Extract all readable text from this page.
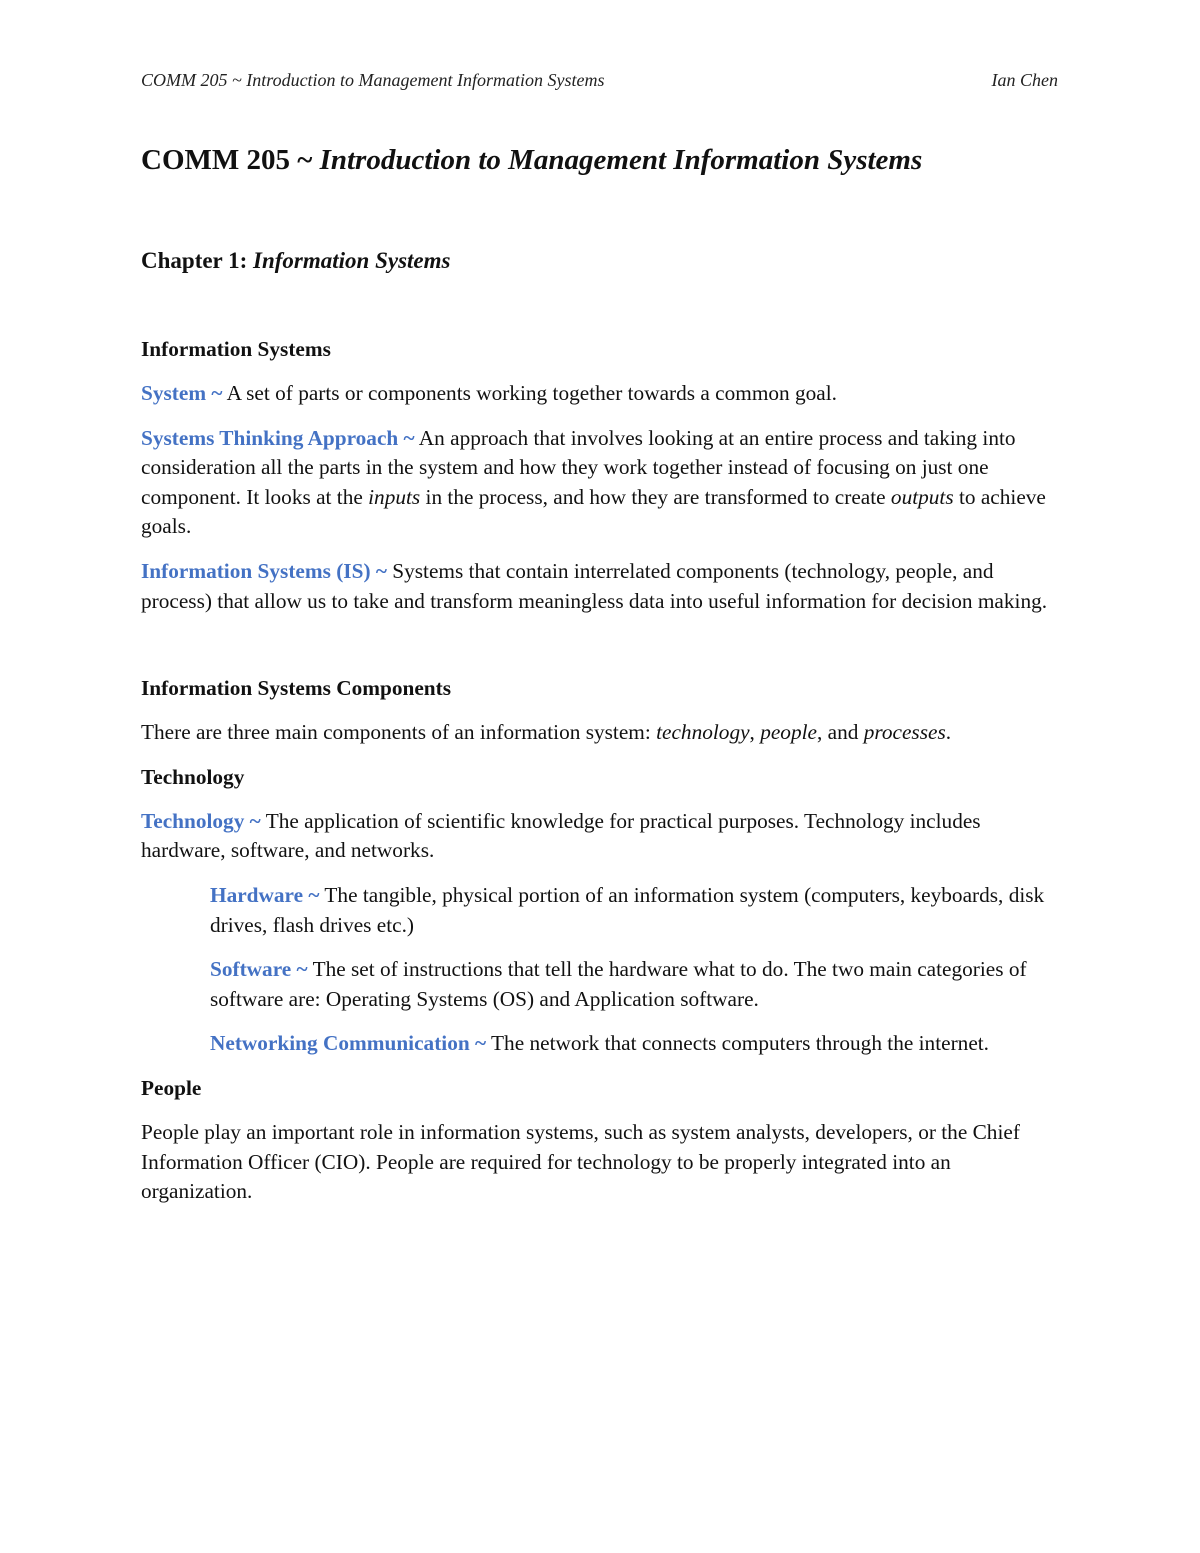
COMM 205 ~ Introduction to Management Information Systems	Ian Chen
COMM 205 ~ Introduction to Management Information Systems
Chapter 1: Information Systems
Information Systems

System ~ A set of parts or components working together towards a common goal.

Systems Thinking Approach ~ An approach that involves looking at an entire process and taking into consideration all the parts in the system and how they work together instead of focusing on just one component. It looks at the inputs in the process, and how they are transformed to create outputs to achieve goals.

Information Systems (IS) ~ Systems that contain interrelated components (technology, people, and process) that allow us to take and transform meaningless data into useful information for decision making.

Information Systems Components

There are three main components of an information system: technology, people, and processes.

Technology

Technology ~ The application of scientific knowledge for practical purposes. Technology includes hardware, software, and networks.

Hardware ~ The tangible, physical portion of an information system (computers, keyboards, disk drives, flash drives etc.)

Software ~ The set of instructions that tell the hardware what to do. The two main categories of software are: Operating Systems (OS) and Application software.

Networking Communication ~ The network that connects computers through the internet.

People

People play an important role in information systems, such as system analysts, developers, or the Chief Information Officer (CIO). People are required for technology to be properly integrated into an organization.
